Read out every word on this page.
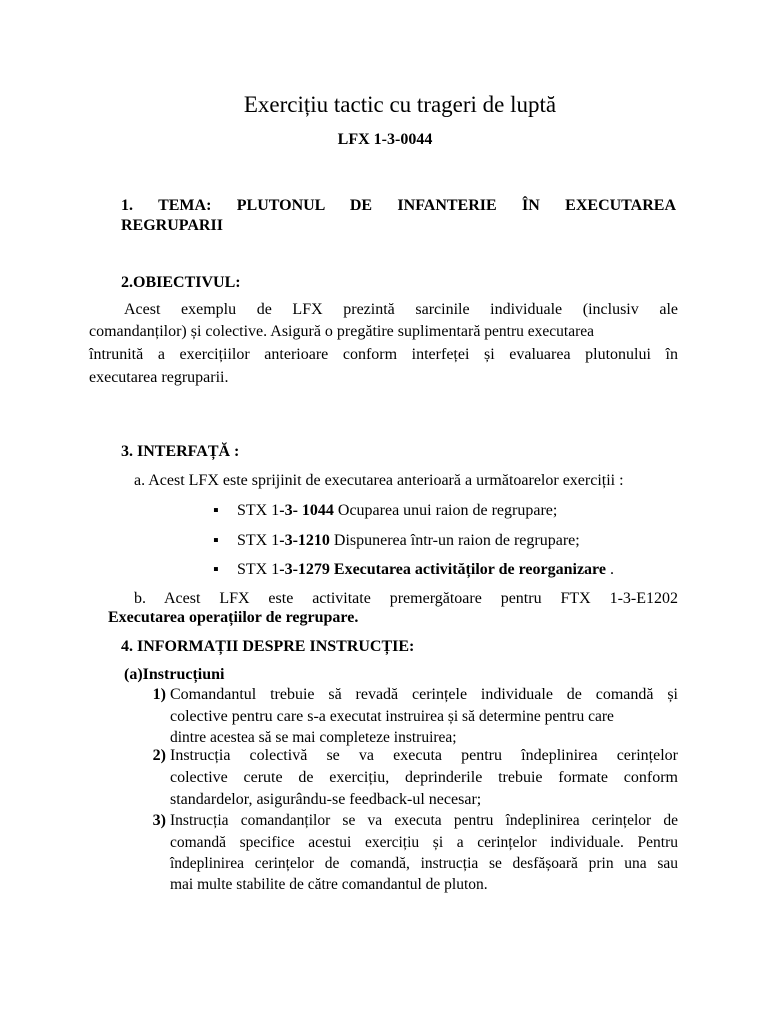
Exercițiu tactic cu trageri de luptă
LFX 1-3-0044
1. TEMA: PLUTONUL DE INFANTERIE ÎN EXECUTAREA
REGRUPARII
2.OBIECTIVUL:
Acest exemplu de LFX prezintă sarcinile individuale (inclusiv ale
comandanților) și colective. Asigură o pregătire suplimentară pentru executarea
întrunită a exercițiilor anterioare conform interfeței și evaluarea plutonului în
executarea regruparii.
3. INTERFAȚĂ :
a. Acest LFX este sprijinit de executarea anterioară a următoarelor exerciții :
▪ STX 1-3- 1044 Ocuparea unui raion de regrupare;
▪ STX 1-3-1210 Dispunerea într-un raion de regrupare;
▪ STX 1-3-1279 Executarea activităților de reorganizare .
b. Acest LFX este activitate premergătoare pentru FTX 1-3-E1202
Executarea operațiilor de regrupare.
4. INFORMAȚII DESPRE INSTRUCȚIE:
(a)Instrucțiuni
1) Comandantul trebuie să revadă cerințele individuale de comandă și
colective pentru care s-a executat instruirea și să determine pentru care
dintre acestea să se mai completeze instruirea;
2) Instrucția colectivă se va executa pentru îndeplinirea cerințelor
colective cerute de exercițiu, deprinderile trebuie formate conform
standardelor, asigurându-se feedback-ul necesar;
3) Instrucția comandanților se va executa pentru îndeplinirea cerințelor de
comandă specifice acestui exercițiu și a cerințelor individuale. Pentru
îndeplinirea cerințelor de comandă, instrucția se desfășoară prin una sau
mai multe stabilite de către comandantul de pluton.
